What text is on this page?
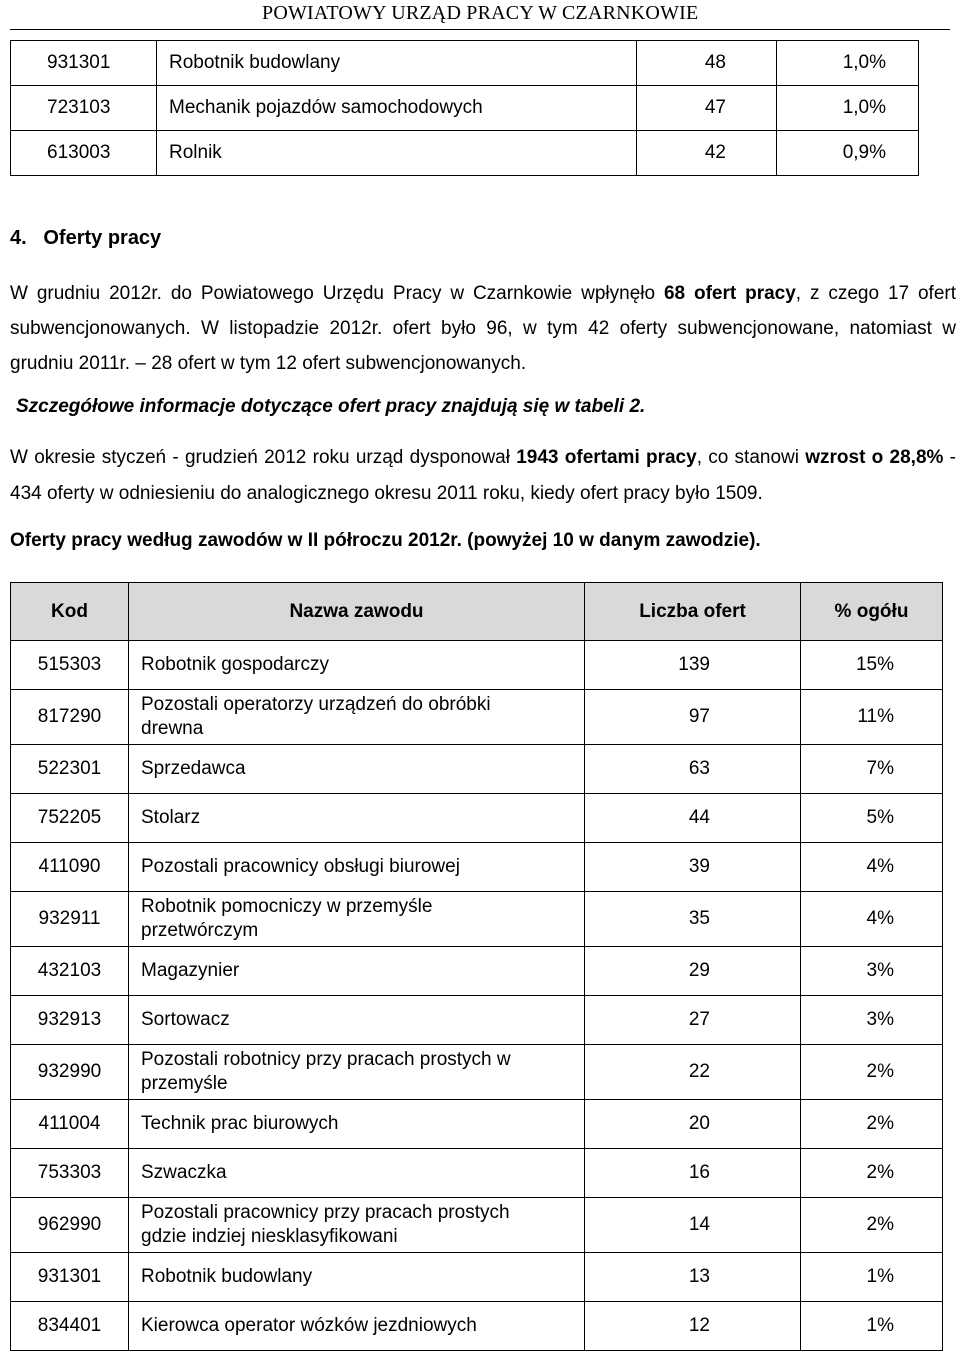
POWIATOWY URZĄD PRACY W CZARNKOWIE
931301	Robotnik budowlany	48	1,0%
723103	Mechanik pojazdów samochodowych	47	1,0%
613003	Rolnik	42	0,9%
4.   Oferty pracy
W grudniu 2012r. do Powiatowego Urzędu Pracy w Czarnkowie wpłynęło 68 ofert pracy, z czego 17 ofert subwencjonowanych. W listopadzie 2012r. ofert było 96, w tym 42 oferty subwencjonowane, natomiast w grudniu 2011r. – 28 ofert w tym 12 ofert subwencjonowanych.
Szczegółowe informacje dotyczące ofert pracy znajdują się w tabeli 2.
W okresie styczeń - grudzień 2012 roku urząd dysponował 1943 ofertami pracy, co stanowi wzrost o 28,8% - 434 oferty w odniesieniu do analogicznego okresu 2011 roku, kiedy ofert pracy było 1509.
Oferty pracy według zawodów w II półroczu 2012r. (powyżej 10 w danym zawodzie).
Kod	Nazwa zawodu	Liczba ofert	% ogółu
515303	Robotnik gospodarczy	139	15%
817290	Pozostali operatorzy urządzeń do obróbki drewna	97	11%
522301	Sprzedawca	63	7%
752205	Stolarz	44	5%
411090	Pozostali pracownicy obsługi biurowej	39	4%
932911	Robotnik pomocniczy w przemyśle przetwórczym	35	4%
432103	Magazynier	29	3%
932913	Sortowacz	27	3%
932990	Pozostali robotnicy przy pracach prostych w przemyśle	22	2%
411004	Technik prac biurowych	20	2%
753303	Szwaczka	16	2%
962990	Pozostali pracownicy przy pracach prostych gdzie indziej niesklasyfikowani	14	2%
931301	Robotnik budowlany	13	1%
834401	Kierowca operator wózków jezdniowych	12	1%
